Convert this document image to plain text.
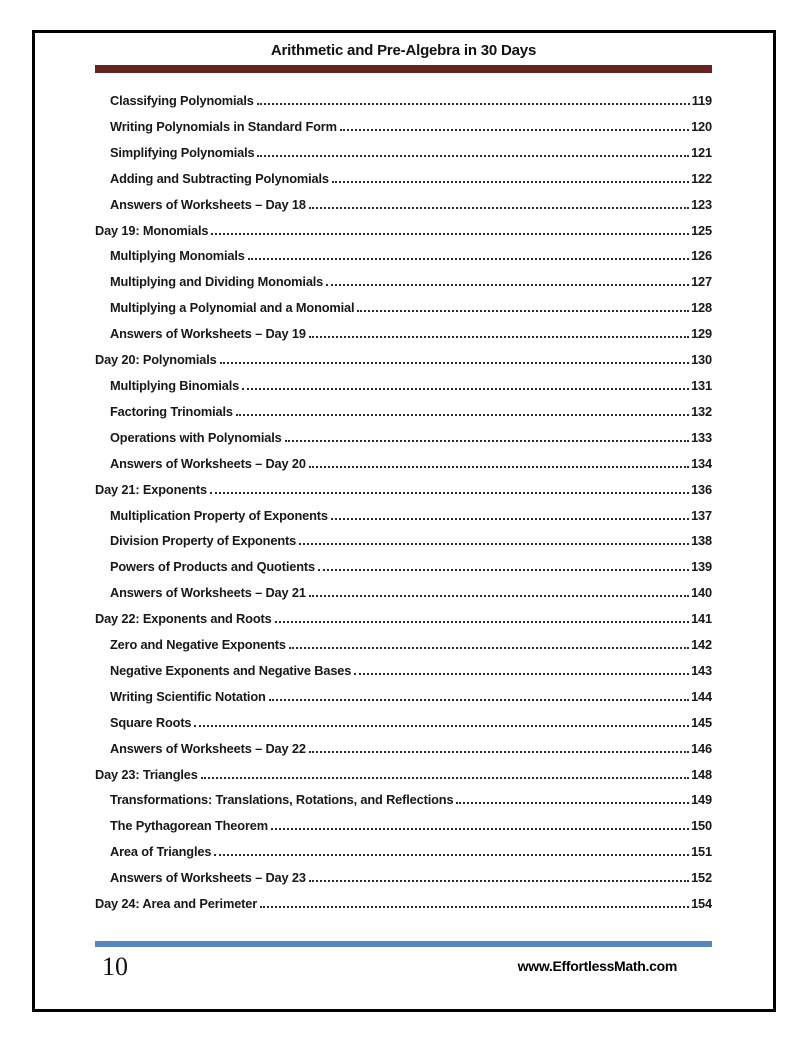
Arithmetic and Pre-Algebra in 30 Days
Classifying Polynomials	119
Writing Polynomials in Standard Form	120
Simplifying Polynomials	121
Adding and Subtracting Polynomials	122
Answers of Worksheets – Day 18	123
Day 19: Monomials	125
Multiplying Monomials	126
Multiplying and Dividing Monomials	127
Multiplying a Polynomial and a Monomial	128
Answers of Worksheets – Day 19	129
Day 20: Polynomials	130
Multiplying Binomials	131
Factoring Trinomials	132
Operations with Polynomials	133
Answers of Worksheets – Day 20	134
Day 21: Exponents	136
Multiplication Property of Exponents	137
Division Property of Exponents	138
Powers of Products and Quotients	139
Answers of Worksheets – Day 21	140
Day 22: Exponents and Roots	141
Zero and Negative Exponents	142
Negative Exponents and Negative Bases	143
Writing Scientific Notation	144
Square Roots	145
Answers of Worksheets – Day 22	146
Day 23: Triangles	148
Transformations: Translations, Rotations, and Reflections	149
The Pythagorean Theorem	150
Area of Triangles	151
Answers of Worksheets – Day 23	152
Day 24: Area and Perimeter	154
10	www.EffortlessMath.com
